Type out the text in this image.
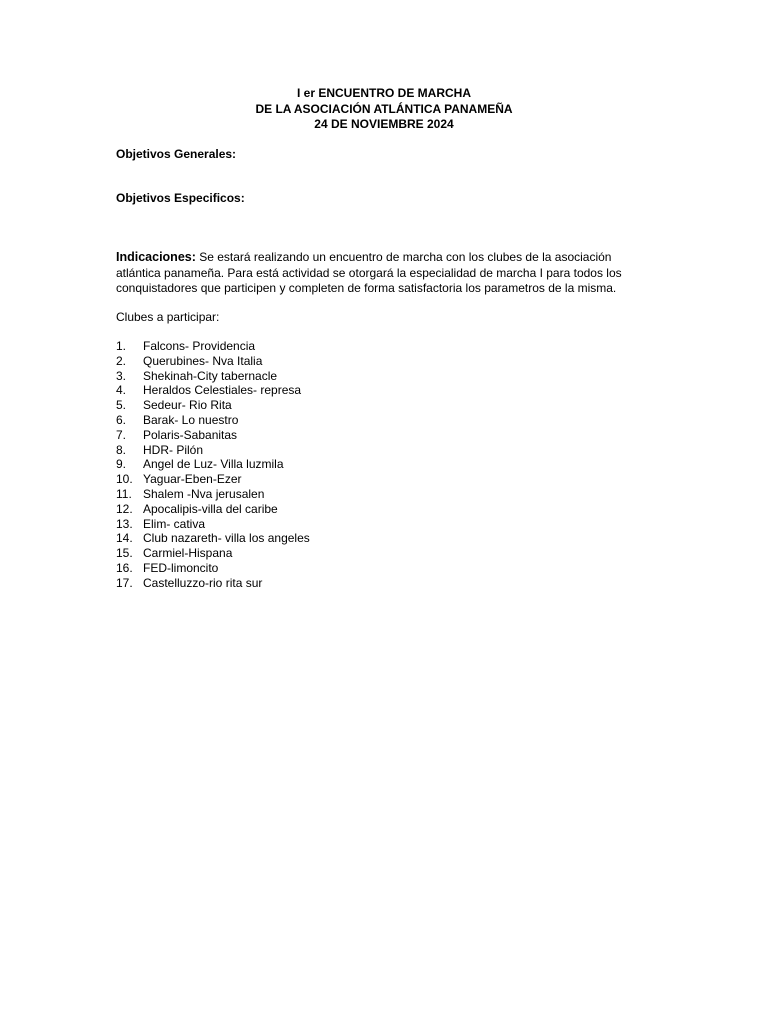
I er ENCUENTRO DE MARCHA
DE LA ASOCIACIÓN ATLÁNTICA PANAMEÑA
24 DE NOVIEMBRE 2024
Objetivos Generales:
Objetivos Especificos:
Indicaciones: Se estará realizando un encuentro de marcha con los clubes de la asociación atlántica panameña. Para está actividad se otorgará la especialidad de marcha I para todos los conquistadores que participen y completen de forma satisfactoria los parametros de la misma.
Clubes a participar:
1. Falcons- Providencia
2. Querubines- Nva Italia
3. Shekinah-City tabernacle
4. Heraldos Celestiales- represa
5. Sedeur- Rio Rita
6. Barak- Lo nuestro
7. Polaris-Sabanitas
8. HDR- Pilón
9. Angel de Luz- Villa luzmila
10. Yaguar-Eben-Ezer
11. Shalem -Nva jerusalen
12. Apocalipis-villa del caribe
13. Elim- cativa
14. Club nazareth- villa los angeles
15. Carmiel-Hispana
16. FED-limoncito
17. Castelluzzo-rio rita sur
